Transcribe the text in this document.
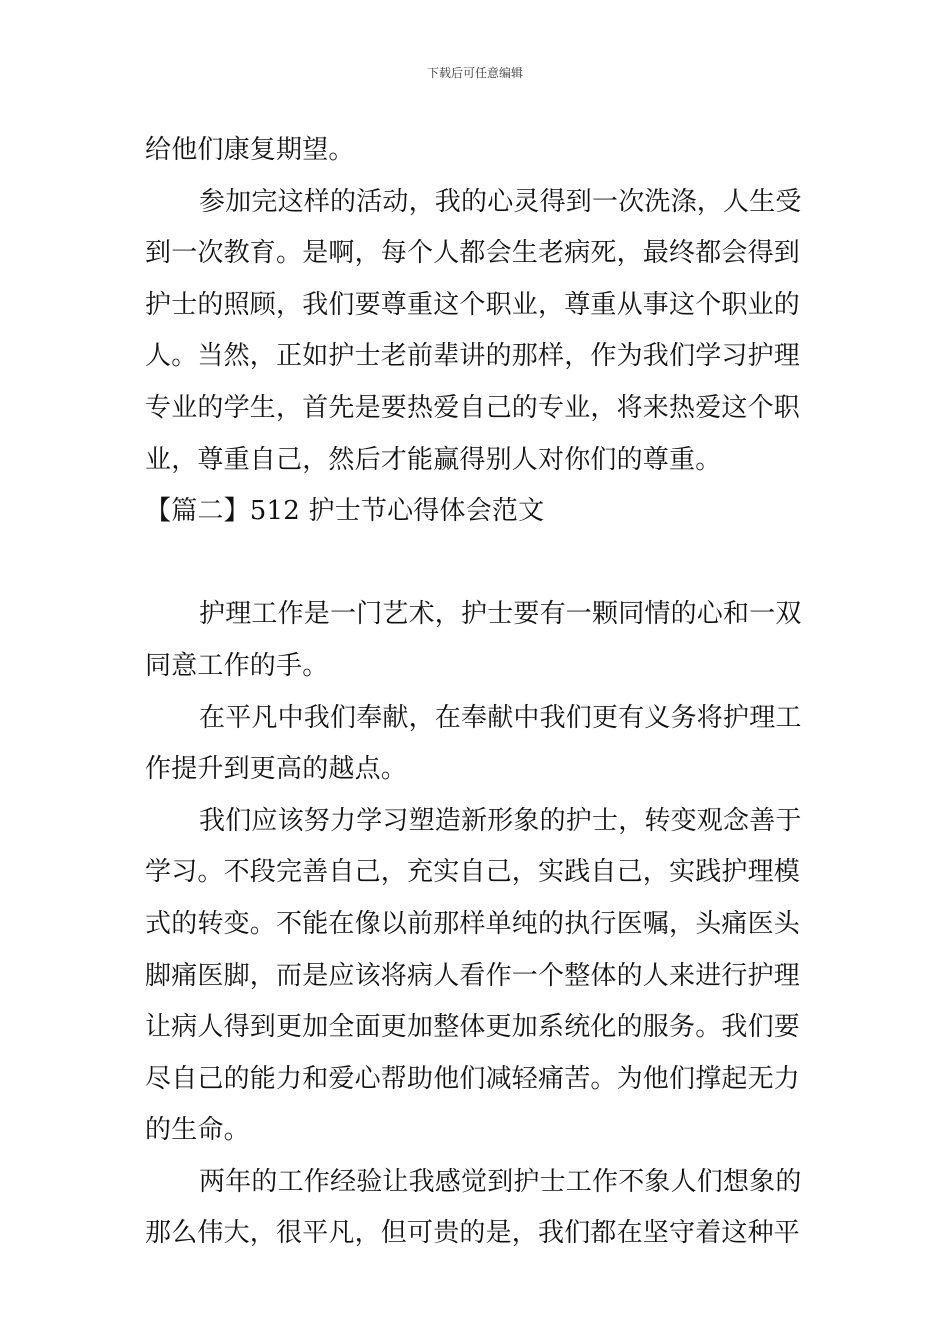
下载后可任意编辑
给他们康复期望。
参加完这样的活动，我的心灵得到一次洗涤，人生受
到一次教育。是啊，每个人都会生老病死，最终都会得到
护士的照顾，我们要尊重这个职业，尊重从事这个职业的
人。当然，正如护士老前辈讲的那样，作为我们学习护理
专业的学生，首先是要热爱自己的专业，将来热爱这个职
业，尊重自己，然后才能赢得别人对你们的尊重。
【篇二】512 护士节心得体会范文
护理工作是一门艺术，护士要有一颗同情的心和一双
同意工作的手。
在平凡中我们奉献，在奉献中我们更有义务将护理工
作提升到更高的越点。
我们应该努力学习塑造新形象的护士，转变观念善于
学习。不段完善自己，充实自己，实践自己，实践护理模
式的转变。不能在像以前那样单纯的执行医嘱，头痛医头
脚痛医脚，而是应该将病人看作一个整体的人来进行护理
让病人得到更加全面更加整体更加系统化的服务。我们要
尽自己的能力和爱心帮助他们减轻痛苦。为他们撑起无力
的生命。
两年的工作经验让我感觉到护士工作不象人们想象的
那么伟大，很平凡，但可贵的是，我们都在坚守着这种平
